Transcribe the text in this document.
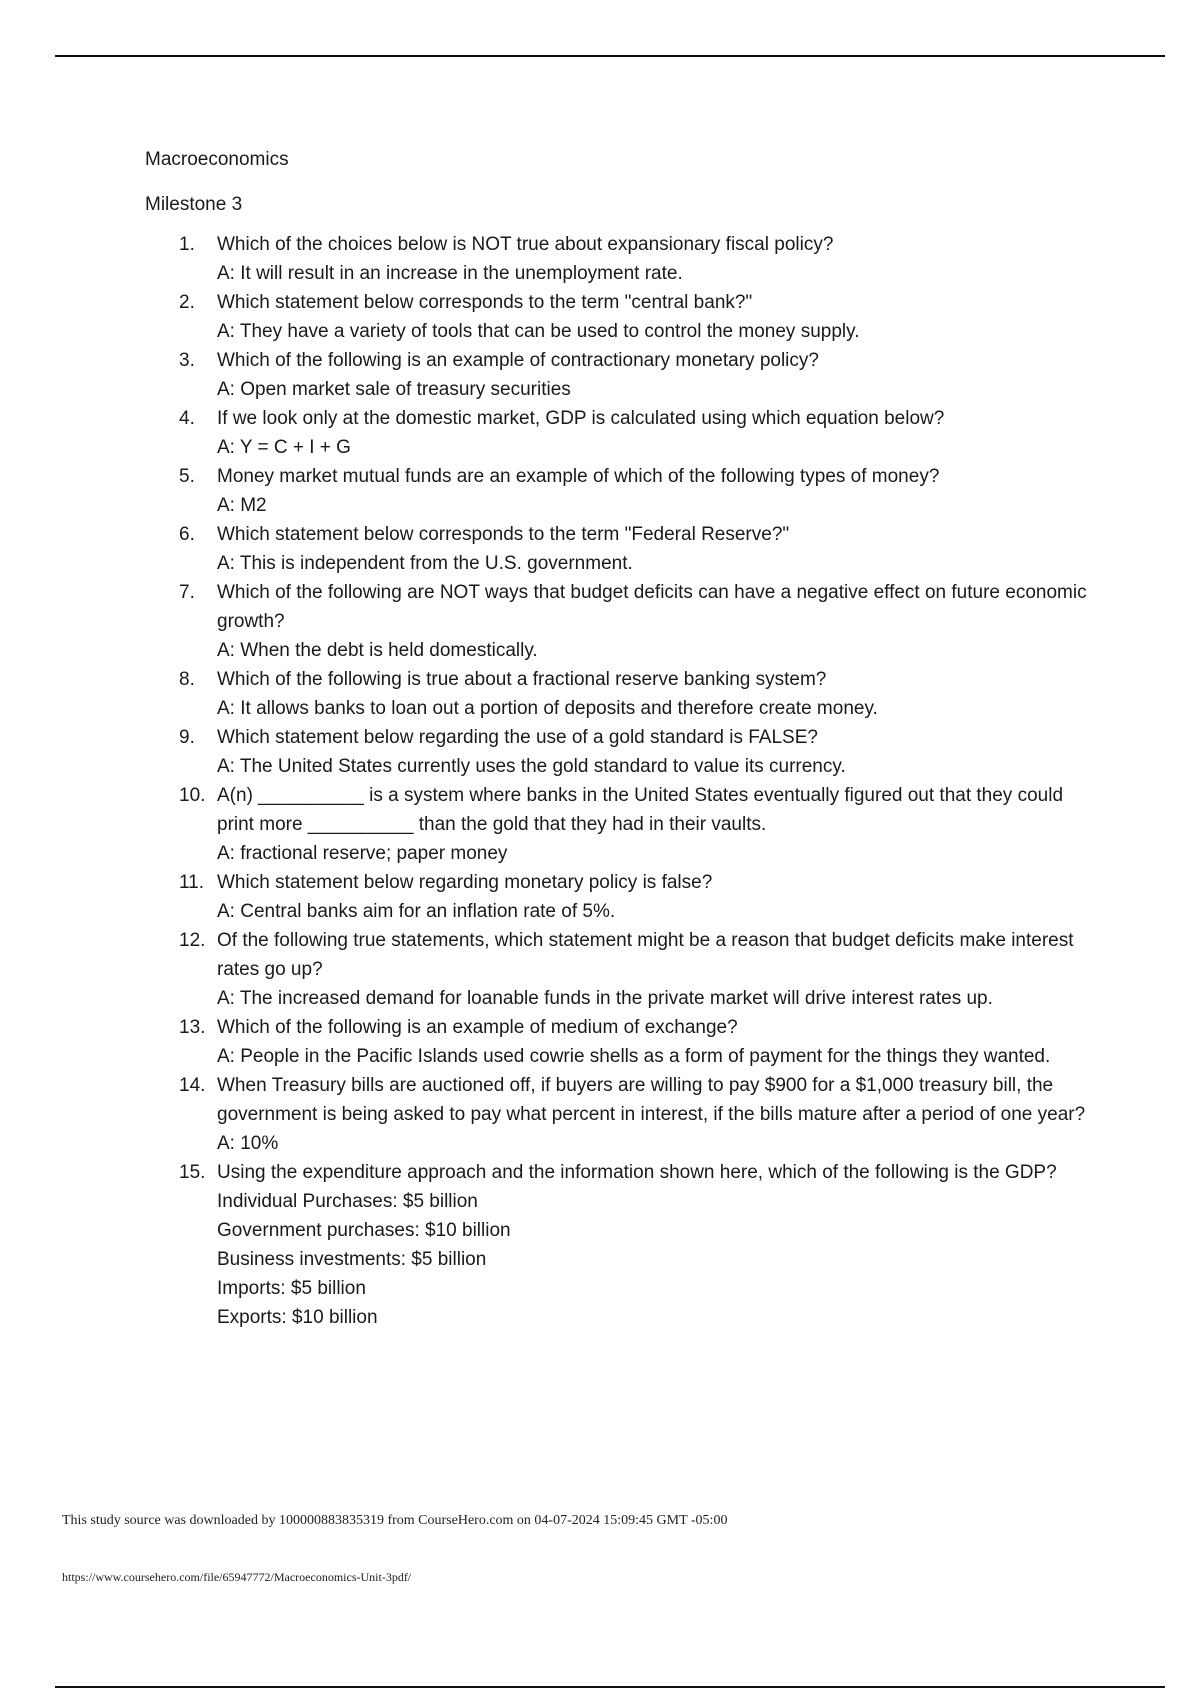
Macroeconomics
Milestone 3
1.	Which of the choices below is NOT true about expansionary fiscal policy?
A: It will result in an increase in the unemployment rate.
2.	Which statement below corresponds to the term "central bank?"
A: They have a variety of tools that can be used to control the money supply.
3.	Which of the following is an example of contractionary monetary policy?
A: Open market sale of treasury securities
4.	If we look only at the domestic market, GDP is calculated using which equation below?
A: Y = C + I + G
5.	Money market mutual funds are an example of which of the following types of money?
A: M2
6.	Which statement below corresponds to the term "Federal Reserve?"
A: This is independent from the U.S. government.
7.	Which of the following are NOT ways that budget deficits can have a negative effect on future economic growth?
A: When the debt is held domestically.
8.	Which of the following is true about a fractional reserve banking system?
A: It allows banks to loan out a portion of deposits and therefore create money.
9.	Which statement below regarding the use of a gold standard is FALSE?
A: The United States currently uses the gold standard to value its currency.
10. A(n) __________ is a system where banks in the United States eventually figured out that they could print more __________ than the gold that they had in their vaults.
A: fractional reserve; paper money
11. Which statement below regarding monetary policy is false?
A: Central banks aim for an inflation rate of 5%.
12. Of the following true statements, which statement might be a reason that budget deficits make interest rates go up?
A: The increased demand for loanable funds in the private market will drive interest rates up.
13. Which of the following is an example of medium of exchange?
A: People in the Pacific Islands used cowrie shells as a form of payment for the things they wanted.
14. When Treasury bills are auctioned off, if buyers are willing to pay $900 for a $1,000 treasury bill, the government is being asked to pay what percent in interest, if the bills mature after a period of one year?
A: 10%
15. Using the expenditure approach and the information shown here, which of the following is the GDP?
Individual Purchases: $5 billion
Government purchases: $10 billion
Business investments: $5 billion
Imports: $5 billion
Exports: $10 billion
This study source was downloaded by 100000883835319 from CourseHero.com on 04-07-2024 15:09:45 GMT -05:00
https://www.coursehero.com/file/65947772/Macroeconomics-Unit-3pdf/
